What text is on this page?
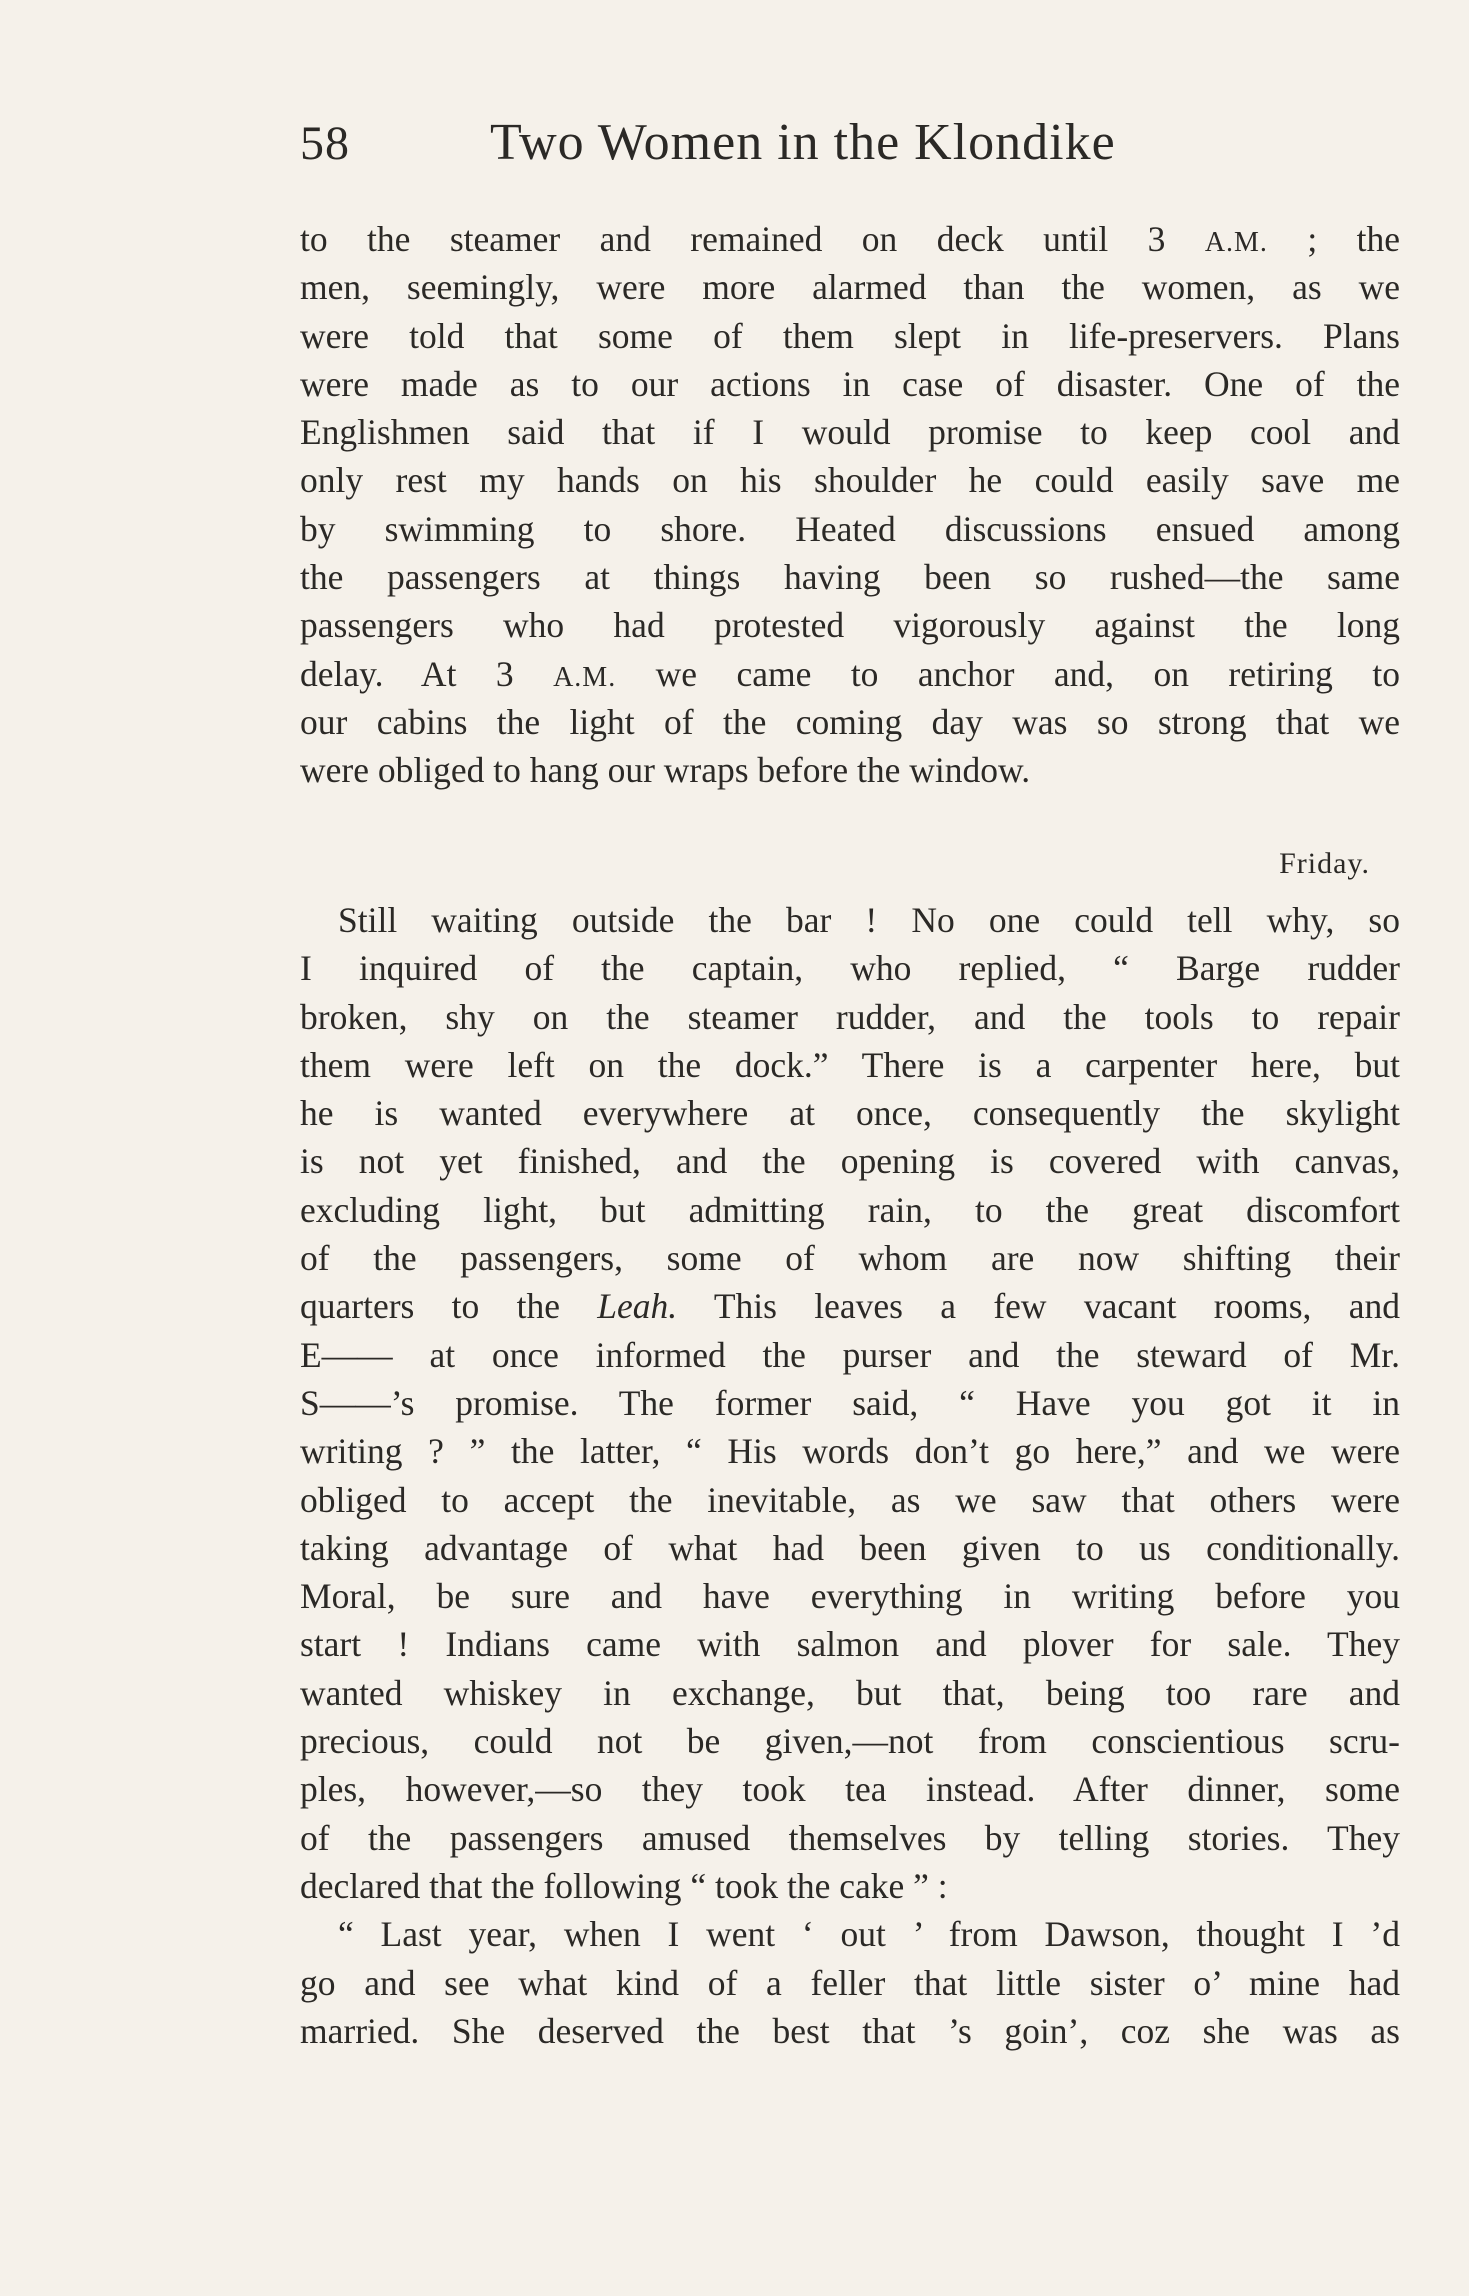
58	Two Women in the Klondike
to the steamer and remained on deck until 3 A.M. ; the
men, seemingly, were more alarmed than the women, as we
were told that some of them slept in life-preservers. Plans
were made as to our actions in case of disaster. One of the
Englishmen said that if I would promise to keep cool and
only rest my hands on his shoulder he could easily save me
by swimming to shore. Heated discussions ensued among
the passengers at things having been so rushed—the same
passengers who had protested vigorously against the long
delay. At 3 A.M. we came to anchor and, on retiring to
our cabins the light of the coming day was so strong that we
were obliged to hang our wraps before the window.
Friday.
Still waiting outside the bar ! No one could tell why, so
I inquired of the captain, who replied, “ Barge rudder
broken, shy on the steamer rudder, and the tools to repair
them were left on the dock.” There is a carpenter here, but
he is wanted everywhere at once, consequently the skylight
is not yet finished, and the opening is covered with canvas,
excluding light, but admitting rain, to the great discomfort
of the passengers, some of whom are now shifting their
quarters to the Leah. This leaves a few vacant rooms, and
E—— at once informed the purser and the steward of Mr.
S——’s promise. The former said, “ Have you got it in
writing ? ” the latter, “ His words don’t go here,” and we were
obliged to accept the inevitable, as we saw that others were
taking advantage of what had been given to us conditionally.
Moral, be sure and have everything in writing before you
start ! Indians came with salmon and plover for sale. They
wanted whiskey in exchange, but that, being too rare and
precious, could not be given,—not from conscientious scru-
ples, however,—so they took tea instead. After dinner, some
of the passengers amused themselves by telling stories. They
declared that the following “ took the cake ” :
“ Last year, when I went ‘ out ’ from Dawson, thought I ’d
go and see what kind of a feller that little sister o’ mine had
married. She deserved the best that ’s goin’, coz she was as
